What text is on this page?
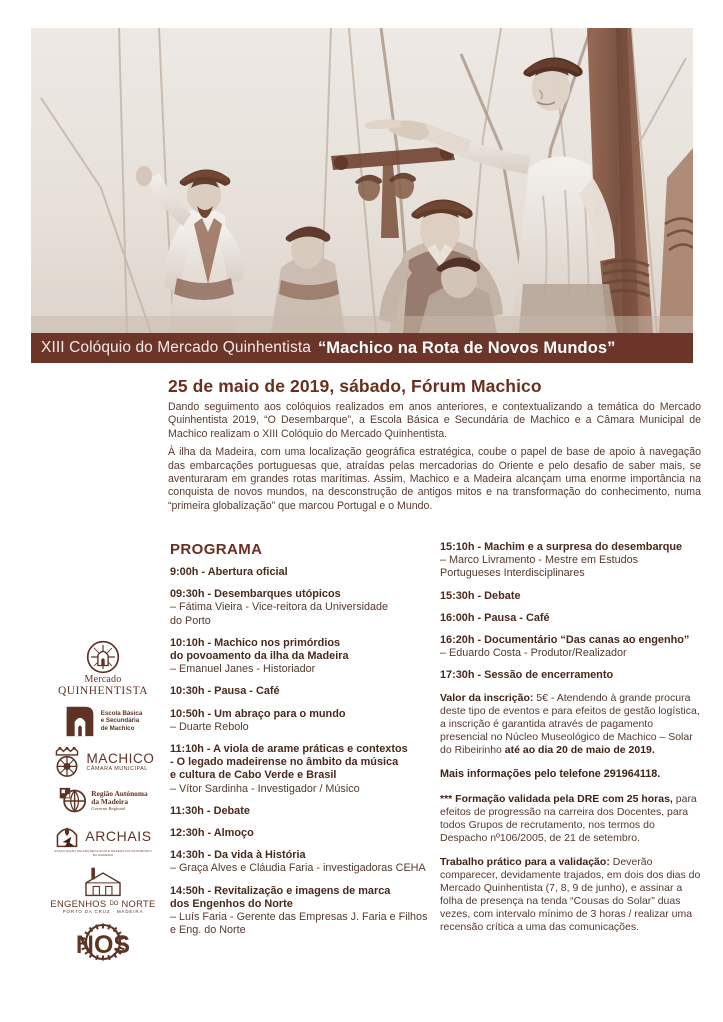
XIII Colóquio do Mercado Quinhentista “Machico na Rota de Novos Mundos”
25 de maio de 2019, sábado, Fórum Machico

Dando seguimento aos colóquios realizados em anos anteriores, e contextualizando a temática do Mercado Quinhentista 2019, “O Desembarque”, a Escola Básica e Secundária de Machico e a Câmara Municipal de Machico realizam o XIII Colóquio do Mercado Quinhentista.

À ilha da Madeira, com uma localização geográfica estratégica, coube o papel de base de apoio à navegação das embarcações portuguesas que, atraídas pelas mercadorias do Oriente e pelo desafio de saber mais, se aventuraram em grandes rotas marítimas. Assim, Machico e a Madeira alcançam uma enorme importância na conquista de novos mundos, na desconstrução de antigos mitos e na transformação do conhecimento, numa “primeira globalização” que marcou Portugal e o Mundo.

PROGRAMA
9:00h - Abertura oficial
09:30h - Desembarques utópicos
– Fátima Vieira - Vice-reitora da Universidade
do Porto
10:10h - Machico nos primórdios
do povoamento da ilha da Madeira
– Emanuel Janes - Historiador
10:30h - Pausa - Café
10:50h - Um abraço para o mundo
– Duarte Rebolo
11:10h - A viola de arame práticas e contextos
- O legado madeirense no âmbito da música
e cultura de Cabo Verde e Brasil
– Vítor Sardinha - Investigador / Músico
11:30h - Debate
12:30h - Almoço
14:30h - Da vida à História
– Graça Alves e Cláudia Faria - investigadoras CEHA
14:50h - Revitalização e imagens de marca
dos Engenhos do Norte
– Luís Faria - Gerente das Empresas J. Faria e Filhos
e Eng. do Norte
15:10h - Machim e a surpresa do desembarque
– Marco Livramento - Mestre em Estudos
Portugueses Interdisciplinares
15:30h - Debate
16:00h - Pausa - Café
16:20h - Documentário “Das canas ao engenho”
– Eduardo Costa - Produtor/Realizador
17:30h - Sessão de encerramento
Valor da inscrição: 5€ - Atendendo à grande procura deste tipo de eventos e para efeitos de gestão logística, a inscrição é garantida através de pagamento presencial no Núcleo Museológico de Machico – Solar do Ribeirinho até ao dia 20 de maio de 2019.
Mais informações pelo telefone 291964118.
*** Formação validada pela DRE com 25 horas, para efeitos de progressão na carreira dos Docentes, para todos Grupos de recrutamento, nos termos do Despacho nº106/2005, de 21 de setembro.
Trabalho prático para a validação: Deverão comparecer, devidamente trajados, em dois dos dias do Mercado Quinhentista (7, 8, 9 de junho), e assinar a folha de presença na tenda “Cousas do Solar” duas vezes, com intervalo mínimo de 3 horas / realizar uma recensão crítica a uma das comunicações.
Mercado
QUINHENTISTA
Escola Básica
e Secundária
de Machico
MACHICO
CÂMARA MUNICIPAL
Região Autónoma
da Madeira
Governo Regional
ARCHAIS
ASSOCIAÇÃO DE ARQUEOLOGIA E DEFESA DO PATRIMÓNIO DA MADEIRA
ENGENHOS DO NORTE
PORTO DA CRUZ · MADEIRA
NOS
